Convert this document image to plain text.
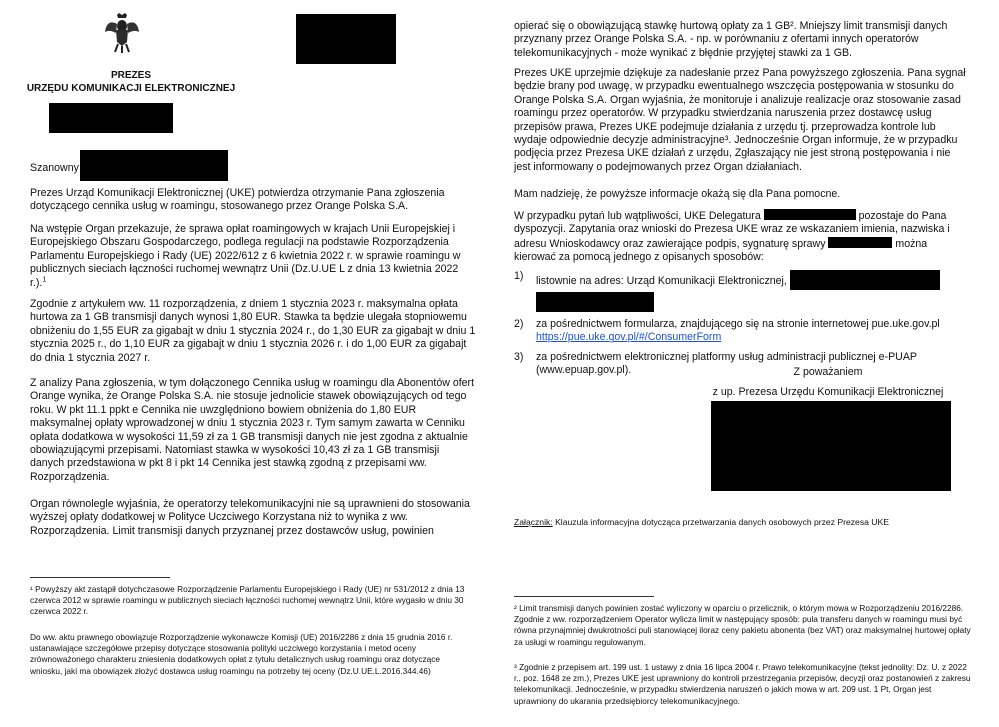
PREZES
URZĘDU KOMUNIKACJI ELEKTRONICZNEJ

Szanowny

Prezes Urząd Komunikacji Elektronicznej (UKE) potwierdza otrzymanie Pana zgłoszenia dotyczącego cennika usług w roamingu, stosowanego przez Orange Polska S.A.

Na wstępie Organ przekazuje, że sprawa opłat roamingowych w krajach Unii Europejskiej i Europejskiego Obszaru Gospodarczego, podlega regulacji na podstawie Rozporządzenia Parlamentu Europejskiego i Rady (UE) 2022/612 z 6 kwietnia 2022 r. w sprawie roamingu w publicznych sieciach łączności ruchomej wewnątrz Unii (Dz.U.UE L z dnia 13 kwietnia 2022 r.).$^1$

Zgodnie z artykułem ww. 11 rozporządzenia, z dniem 1 stycznia 2023 r. maksymalna opłata hurtowa za 1 GB transmisji danych wynosi 1,80 EUR. Stawka ta będzie ulegała stopniowemu obniżeniu do 1,55 EUR za gigabajt w dniu 1 stycznia 2024 r., do 1,30 EUR za gigabajt w dniu 1 stycznia 2025 r., do 1,10 EUR za gigabajt w dniu 1 stycznia 2026 r. i do 1,00 EUR za gigabajt do dnia 1 stycznia 2027 r.

Z analizy Pana zgłoszenia, w tym dołączonego Cennika usług w roamingu dla Abonentów ofert Orange wynika, że Orange Polska S.A. nie stosuje jednolicie stawek obowiązujących od tego roku. W pkt 11.1 ppkt e Cennika nie uwzględniono bowiem obniżenia do 1,80 EUR maksymalnej opłaty wprowadzonej w dniu 1 stycznia 2023 r. Tym samym zawarta w Cenniku opłata dodatkowa w wysokości 11,59 zł za 1 GB transmisji danych nie jest zgodna z aktualnie obowiązującymi przepisami. Natomiast stawka w wysokości 10,43 zł za 1 GB transmisji danych przedstawiona w pkt 8 i pkt 14 Cennika jest stawką zgodną z przepisami ww. Rozporządzenia.

Organ równolegle wyjaśnia, że operatorzy telekomunikacyjni nie są uprawnieni do stosowania wyższej opłaty dodatkowej w Polityce Uczciwego Korzystana niż to wynika z ww. Rozporządzenia. Limit transmisji danych przyznanej przez dostawców usług, powinien

¹ Powyższy akt zastąpił dotychczasowe Rozporządzenie Parlamentu Europejskiego i Rady (UE) nr 531/2012 z dnia 13 czerwca 2012 w sprawie roamingu w publicznych sieciach łączności ruchomej wewnątrz Unii, które wygasło w dniu 30 czerwca 2022 r.

Do ww. aktu prawnego obowiązuje Rozporządzenie wykonawcze Komisji (UE) 2016/2286 z dnia 15 grudnia 2016 r. ustanawiające szczegółowe przepisy dotyczące stosowania polityki uczciwego korzystania i metod oceny zrównoważonego charakteru zniesienia dodatkowych opłat z tytułu detalicznych usług roamingu oraz dotyczące wniosku, jaki ma obowiązek złożyć dostawca usług roamingu na potrzeby tej oceny (Dz.U.UE.L.2016.344.46)

opierać się o obowiązującą stawkę hurtową opłaty za 1 GB². Mniejszy limit transmisji danych przyznany przez Orange Polska S.A. - np. w porównaniu z ofertami innych operatorów telekomunikacyjnych - może wynikać z błędnie przyjętej stawki za 1 GB.

Prezes UKE uprzejmie dziękuje za nadesłanie przez Pana powyższego zgłoszenia. Pana sygnał będzie brany pod uwagę, w przypadku ewentualnego wszczęcia postępowania w stosunku do Orange Polska S.A. Organ wyjaśnia, że monitoruje i analizuje realizacje oraz stosowanie zasad roamingu przez operatorów. W przypadku stwierdzania naruszenia przez dostawcę usług przepisów prawa, Prezes UKE podejmuje działania z urzędu tj. przeprowadza kontrole lub wydaje odpowiednie decyzje administracyjne³. Jednocześnie Organ informuje, że w przypadku podjęcia przez Prezesa UKE działań z urzędu, Zgłaszający nie jest stroną postępowania i nie jest informowany o podejmowanych przez Organ działaniach.

Mam nadzieję, że powyższe informacje okażą się dla Pana pomocne.

W przypadku pytań lub wątpliwości, UKE Delegatura	pozostaje do Pana dyspozycji. Zapytania oraz wnioski do Prezesa UKE wraz ze wskazaniem imienia, nazwiska i adresu Wnioskodawcy oraz zawierające podpis, sygnaturę sprawy	można kierować za pomocą jednego z opisanych sposobów:

1) listownie na adres: Urząd Komunikacji Elektronicznej,
2) za pośrednictwem formularza, znajdującego się na stronie internetowej pue.uke.gov.pl
https://pue.uke.gov.pl/#/ConsumerForm
3) za pośrednictwem elektronicznej platformy usług administracji publicznej e-PUAP (www.epuap.gov.pl).	Z poważaniem
z up. Prezesa Urzędu Komunikacji Elektronicznej

Załącznik: Klauzula informacyjna dotycząca przetwarzania danych osobowych przez Prezesa UKE

² Limit transmisji danych powinien zostać wyliczony w oparciu o przelicznik, o którym mowa w Rozporządzeniu 2016/2286. Zgodnie z ww. rozporządzeniem Operator wylicza limit w następujący sposób: pula transferu danych w roamingu musi być równa przynajmniej dwukrotności puli stanowiącej iloraz ceny pakietu abonenta (bez VAT) oraz maksymalnej hurtowej opłaty za usługi w roamingu regulowanym.

³ Zgodnie z przepisem art. 199 ust. 1 ustawy z dnia 16 lipca 2004 r. Prawo telekomunikacyjne (tekst jednolity: Dz. U. z 2022 r., poz. 1648 ze zm.), Prezes UKE jest uprawniony do kontroli przestrzegania przepisów, decyzji oraz postanowień z zakresu telekomunikacji. Jednocześnie, w przypadku stwierdzenia naruszeń o jakich mowa w art. 209 ust. 1 Pt, Organ jest uprawniony do ukarania przedsiębiorcy telekomunikacyjnego.
